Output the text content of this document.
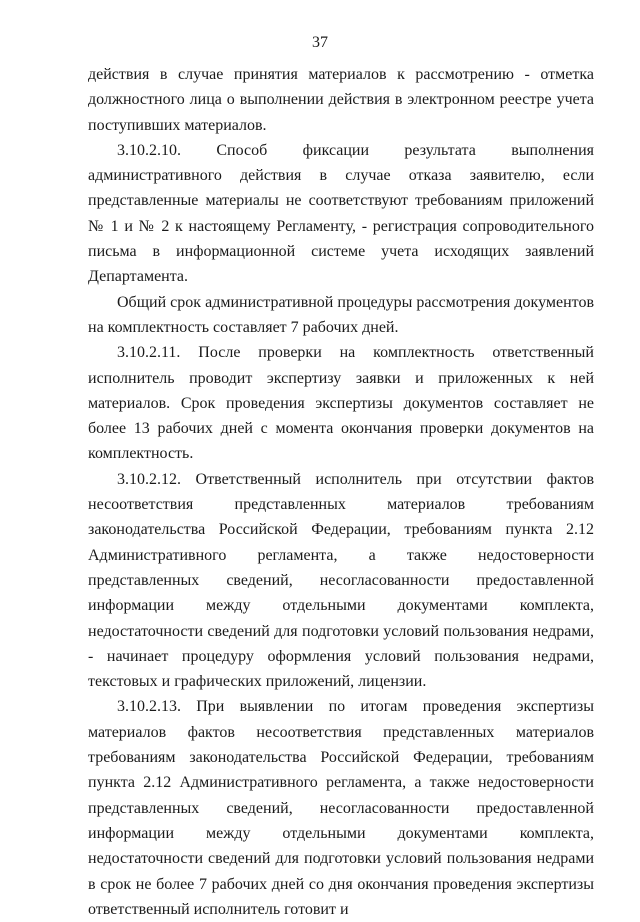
37

действия в случае принятия материалов к рассмотрению - отметка должностного лица о выполнении действия в электронном реестре учета поступивших материалов.

3.10.2.10. Способ фиксации результата выполнения административного действия в случае отказа заявителю, если представленные материалы не соответствуют требованиям приложений № 1 и № 2 к настоящему Регламенту, - регистрация сопроводительного письма в информационной системе учета исходящих заявлений Департамента.

Общий срок административной процедуры рассмотрения документов на комплектность составляет 7 рабочих дней.

3.10.2.11. После проверки на комплектность ответственный исполнитель проводит экспертизу заявки и приложенных к ней материалов. Срок проведения экспертизы документов составляет не более 13 рабочих дней с момента окончания проверки документов на комплектность.

3.10.2.12. Ответственный исполнитель при отсутствии фактов несоответствия представленных материалов требованиям законодательства Российской Федерации, требованиям пункта 2.12 Административного регламента, а также недостоверности представленных сведений, несогласованности предоставленной информации между отдельными документами комплекта, недостаточности сведений для подготовки условий пользования недрами, - начинает процедуру оформления условий пользования недрами, текстовых и графических приложений, лицензии.

3.10.2.13. При выявлении по итогам проведения экспертизы материалов фактов несоответствия представленных материалов требованиям законодательства Российской Федерации, требованиям пункта 2.12 Административного регламента, а также недостоверности представленных сведений, несогласованности предоставленной информации между отдельными документами комплекта, недостаточности сведений для подготовки условий пользования недрами в срок не более 7 рабочих дней со дня окончания проведения экспертизы ответственный исполнитель готовит и
